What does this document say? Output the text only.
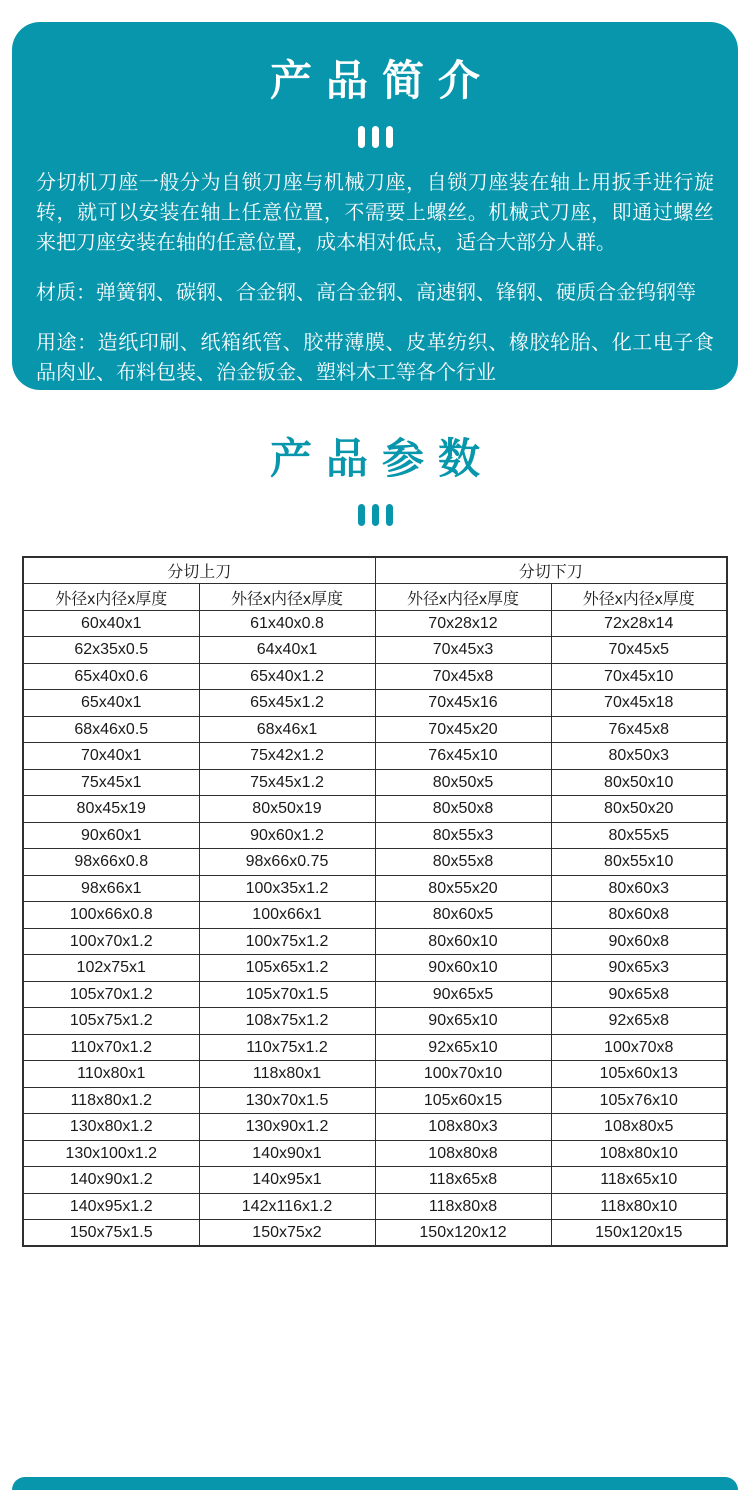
产品简介

分切机刀座一般分为自锁刀座与机械刀座，自锁刀座装在轴上用扳手进行旋转，就可以安装在轴上任意位置，不需要上螺丝。机械式刀座，即通过螺丝来把刀座安装在轴的任意位置，成本相对低点，适合大部分人群。

材质：弹簧钢、碳钢、合金钢、高合金钢、高速钢、锋钢、硬质合金钨钢等

用途：造纸印刷、纸箱纸管、胶带薄膜、皮革纺织、橡胶轮胎、化工电子食品肉业、布料包装、治金钣金、塑料木工等各个行业

产品参数
分切上刀		分切下刀	
外径x内径x厚度	外径x内径x厚度	外径x内径x厚度	外径x内径x厚度
60x40x1	61x40x0.8	70x28x12	72x28x14
62x35x0.5	64x40x1	70x45x3	70x45x5
65x40x0.6	65x40x1.2	70x45x8	70x45x10
65x40x1	65x45x1.2	70x45x16	70x45x18
68x46x0.5	68x46x1	70x45x20	76x45x8
70x40x1	75x42x1.2	76x45x10	80x50x3
75x45x1	75x45x1.2	80x50x5	80x50x10
80x45x19	80x50x19	80x50x8	80x50x20
90x60x1	90x60x1.2	80x55x3	80x55x5
98x66x0.8	98x66x0.75	80x55x8	80x55x10
98x66x1	100x35x1.2	80x55x20	80x60x3
100x66x0.8	100x66x1	80x60x5	80x60x8
100x70x1.2	100x75x1.2	80x60x10	90x60x8
102x75x1	105x65x1.2	90x60x10	90x65x3
105x70x1.2	105x70x1.5	90x65x5	90x65x8
105x75x1.2	108x75x1.2	90x65x10	92x65x8
110x70x1.2	110x75x1.2	92x65x10	100x70x8
110x80x1	118x80x1	100x70x10	105x60x13
118x80x1.2	130x70x1.5	105x60x15	105x76x10
130x80x1.2	130x90x1.2	108x80x3	108x80x5
130x100x1.2	140x90x1	108x80x8	108x80x10
140x90x1.2	140x95x1	118x65x8	118x65x10
140x95x1.2	142x116x1.2	118x80x8	118x80x10
150x75x1.5	150x75x2	150x120x12	150x120x15
